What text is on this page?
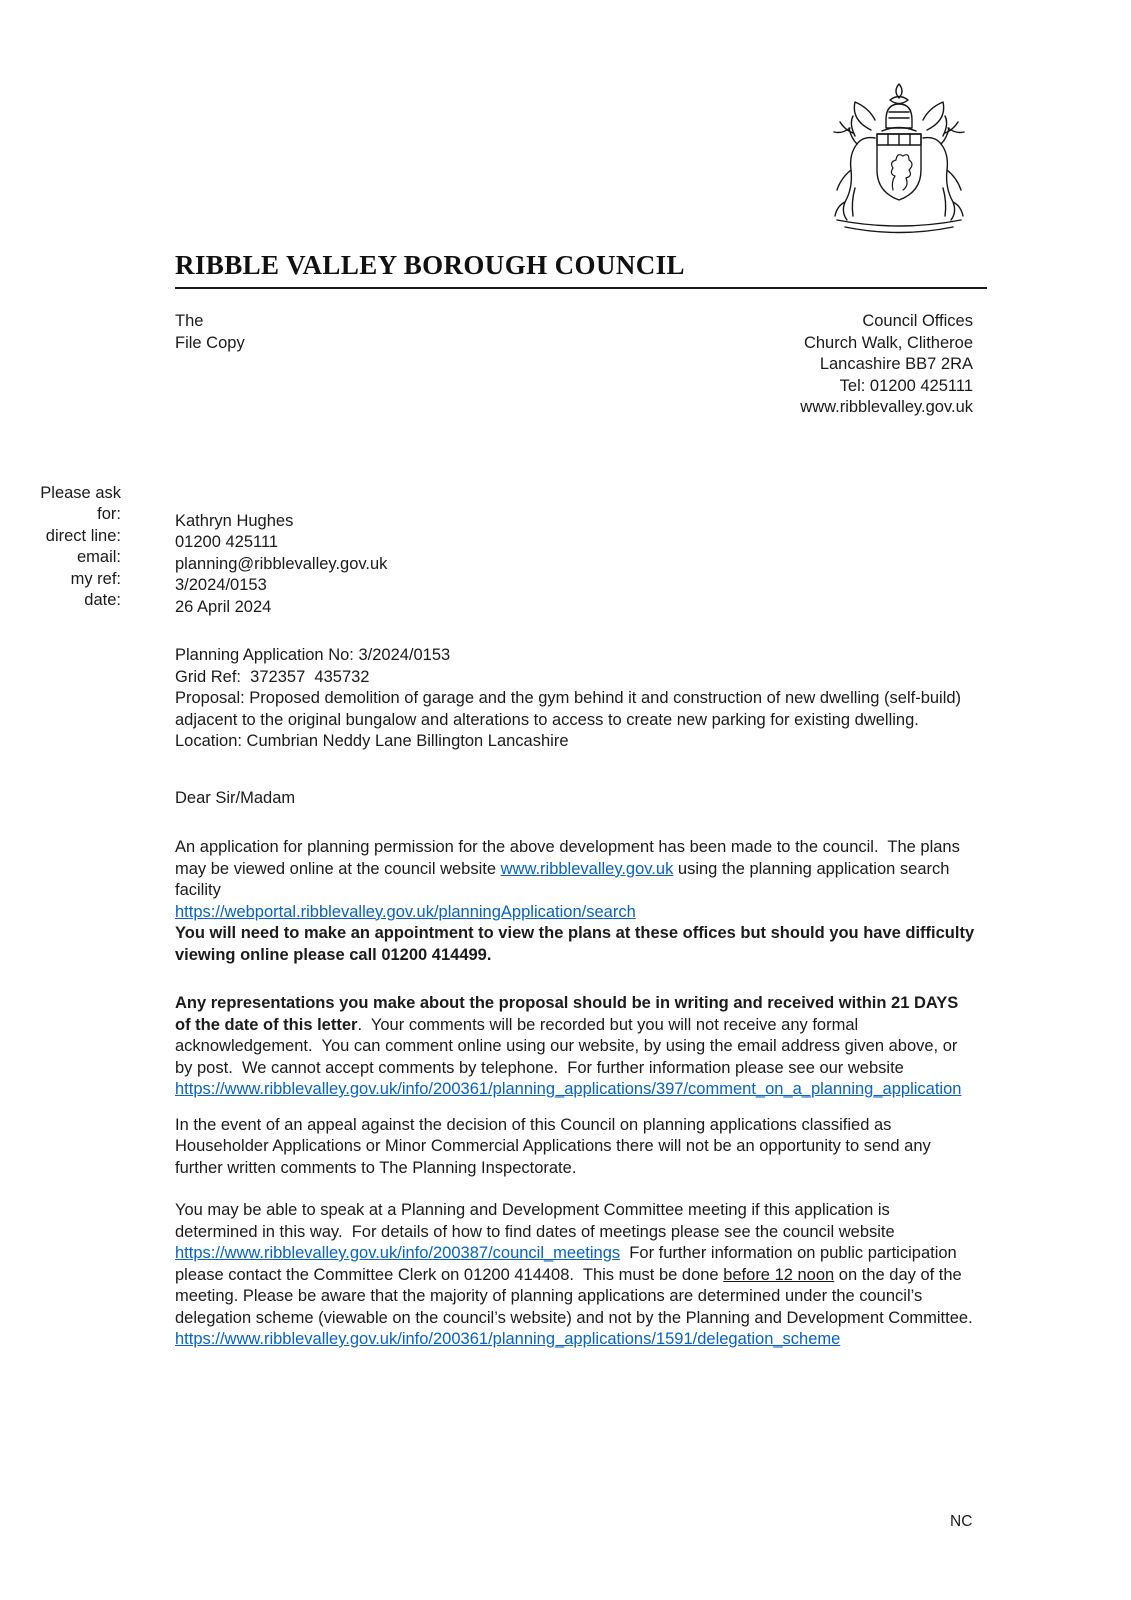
RIBBLE VALLEY BOROUGH COUNCIL
The
File Copy
Council Offices
Church Walk, Clitheroe
Lancashire BB7 2RA
Tel: 01200 425111
www.ribblevalley.gov.uk
Please ask for:
direct line:
email:
my ref:
date:
Kathryn Hughes
01200 425111
planning@ribblevalley.gov.uk
3/2024/0153
26 April 2024
Planning Application No: 3/2024/0153
Grid Ref:  372357  435732
Proposal: Proposed demolition of garage and the gym behind it and construction of new dwelling (self-build) adjacent to the original bungalow and alterations to access to create new parking for existing dwelling.
Location: Cumbrian Neddy Lane Billington Lancashire

Dear Sir/Madam

An application for planning permission for the above development has been made to the council.  The plans may be viewed online at the council website www.ribblevalley.gov.uk using the planning application search facility
https://webportal.ribblevalley.gov.uk/planningApplication/search
You will need to make an appointment to view the plans at these offices but should you have difficulty viewing online please call 01200 414499.

Any representations you make about the proposal should be in writing and received within 21 DAYS of the date of this letter.  Your comments will be recorded but you will not receive any formal acknowledgement.  You can comment online using our website, by using the email address given above, or by post.  We cannot accept comments by telephone.  For further information please see our website
https://www.ribblevalley.gov.uk/info/200361/planning_applications/397/comment_on_a_planning_application

In the event of an appeal against the decision of this Council on planning applications classified as Householder Applications or Minor Commercial Applications there will not be an opportunity to send any further written comments to The Planning Inspectorate.

You may be able to speak at a Planning and Development Committee meeting if this application is determined in this way.  For details of how to find dates of meetings please see the council website https://www.ribblevalley.gov.uk/info/200387/council_meetings  For further information on public participation please contact the Committee Clerk on 01200 414408.  This must be done before 12 noon on the day of the meeting. Please be aware that the majority of planning applications are determined under the council’s delegation scheme (viewable on the council’s website) and not by the Planning and Development Committee.
https://www.ribblevalley.gov.uk/info/200361/planning_applications/1591/delegation_scheme

NC
